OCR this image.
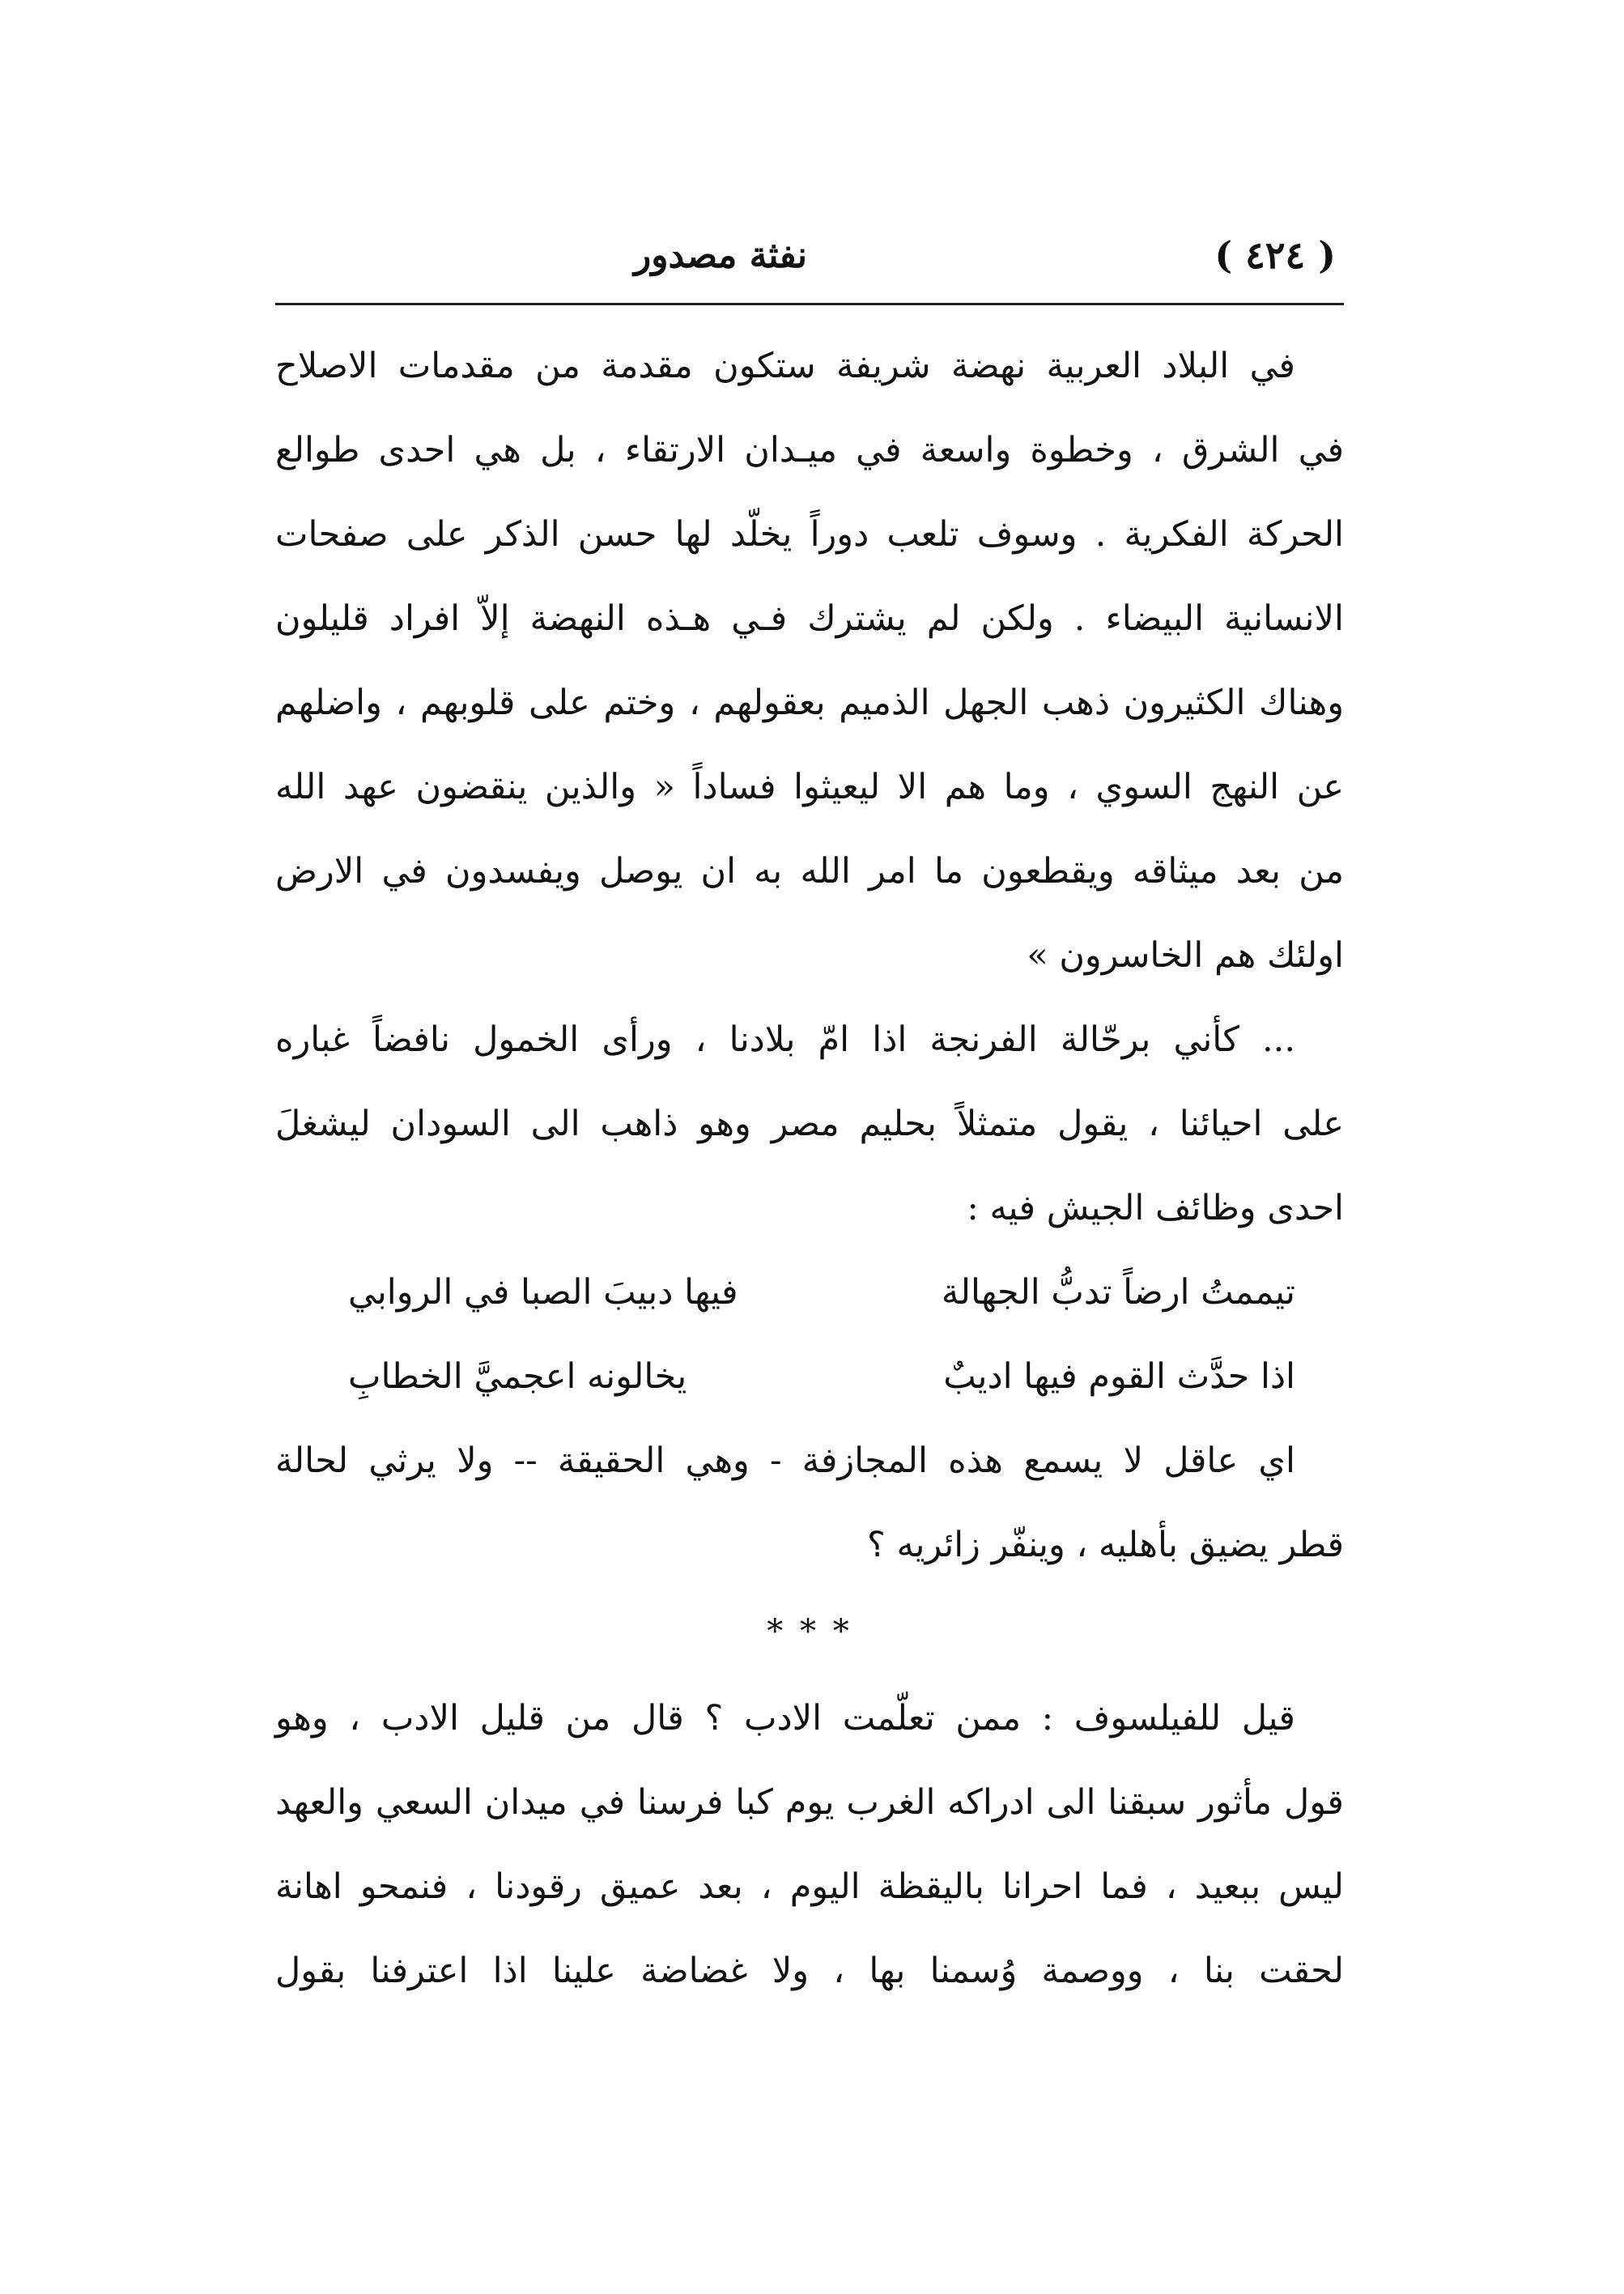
( ٤٢٤ )
نفثة مصدور
في البلاد العربية نهضة شريفة ستكون مقدمة من مقدمات الاصلاح
في الشرق ، وخطوة واسعة في ميـدان الارتقاء ، بل هي احدى طوالع
الحركة الفكرية . وسوف تلعب دوراً يخلّد لها حسن الذكر على صفحات
الانسانية البيضاء . ولكن لم يشترك فـي هـذه النهضة إلاّ افراد قليلون
وهناك الكثيرون ذهب الجهل الذميم بعقولهم ، وختم على قلوبهم ، واضلهم
عن النهج السوي ، وما هم الا ليعيثوا فساداً « والذين ينقضون عهد الله
من بعد ميثاقه ويقطعون ما امر الله به ان يوصل ويفسدون في الارض
اولئك هم الخاسرون »
... كأني برحّالة الفرنجة اذا امّ بلادنا ، ورأى الخمول نافضاً غباره
على احيائنا ، يقول متمثلاً بحليم مصر وهو ذاهب الى السودان ليشغلَ
احدى وظائف الجيش فيه :
تيممتُ ارضاً تدبُّ الجهالة
فيها دبيبَ الصبا في الروابي
اذا حدَّث القوم فيها اديبٌ
يخالونه اعجميَّ الخطابِ
اي عاقل لا يسمع هذه المجازفة - وهي الحقيقة -- ولا يرثي لحالة
قطر يضيق بأهليه ، وينفّر زائريه ؟
* * *
قيل للفيلسوف : ممن تعلّمت الادب ؟ قال من قليل الادب ، وهو
قول مأثور سبقنا الى ادراكه الغرب يوم كبا فرسنا في ميدان السعي والعهد
ليس ببعيد ، فما احرانا باليقظة اليوم ، بعد عميق رقودنا ، فنمحو اهانة
لحقت بنا ، ووصمة وُسمنا بها ، ولا غضاضة علينا اذا اعترفنا بقول
